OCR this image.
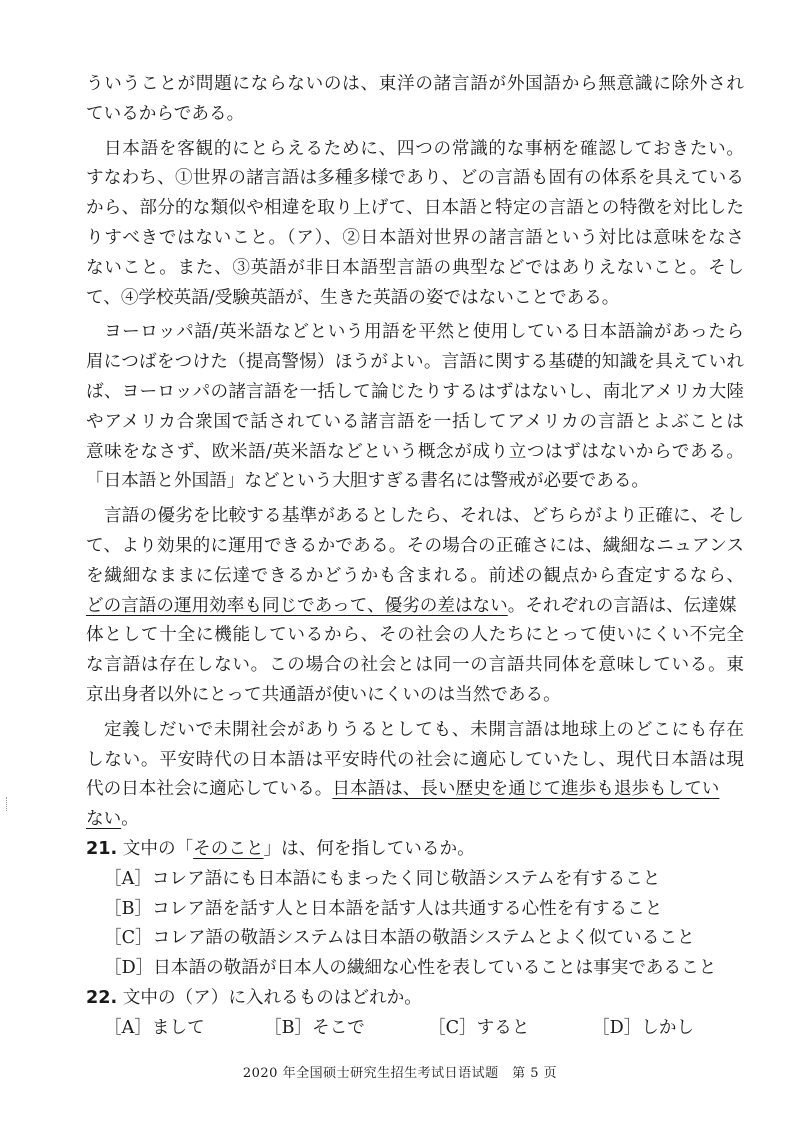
ういうことが問題にならないのは、東洋の諸言語が外国語から無意識に除外され
ているからである。
日本語を客観的にとらえるために、四つの常識的な事柄を確認しておきたい。
すなわち、①世界の諸言語は多種多様であり、どの言語も固有の体系を具えている
から、部分的な類似や相違を取り上げて、日本語と特定の言語との特徴を対比した
りすべきではないこと。（ア）、②日本語対世界の諸言語という対比は意味をなさ
ないこと。また、③英語が非日本語型言語の典型などではありえないこと。そし
て、④学校英語/受験英語が、生きた英語の姿ではないことである。
ヨーロッパ語/英米語などという用語を平然と使用している日本語論があったら
眉につばをつけた（提高警惕）ほうがよい。言語に関する基礎的知識を具えていれ
ば、ヨーロッパの諸言語を一括して論じたりするはずはないし、南北アメリカ大陸
やアメリカ合衆国で話されている諸言語を一括してアメリカの言語とよぶことは
意味をなさず、欧米語/英米語などという概念が成り立つはずはないからである。
「日本語と外国語」などという大胆すぎる書名には警戒が必要である。
言語の優劣を比較する基準があるとしたら、それは、どちらがより正確に、そし
て、より効果的に運用できるかである。その場合の正確さには、繊細なニュアンス
を繊細なままに伝達できるかどうかも含まれる。前述の観点から査定するなら、
どの言語の運用効率も同じであって、優劣の差はない。それぞれの言語は、伝達媒
体として十全に機能しているから、その社会の人たちにとって使いにくい不完全
な言語は存在しない。この場合の社会とは同一の言語共同体を意味している。東
京出身者以外にとって共通語が使いにくいのは当然である。
定義しだいで未開社会がありうるとしても、未開言語は地球上のどこにも存在
しない。平安時代の日本語は平安時代の社会に適応していたし、現代日本語は現
代の日本社会に適応している。日本語は、長い歴史を通じて進歩も退歩もしてい
ない。
21. 文中の「そのこと」は、何を指しているか。
［A］コレア語にも日本語にもまったく同じ敬語システムを有すること
［B］コレア語を話す人と日本語を話す人は共通する心性を有すること
［C］コレア語の敬語システムは日本語の敬語システムとよく似ていること
［D］日本語の敬語が日本人の繊細な心性を表していることは事実であること
22. 文中の（ア）に入れるものはどれか。
［A］まして	［B］そこで	［C］すると	［D］しかし
2020 年全国硕士研究生招生考试日语试题　第 5 页
